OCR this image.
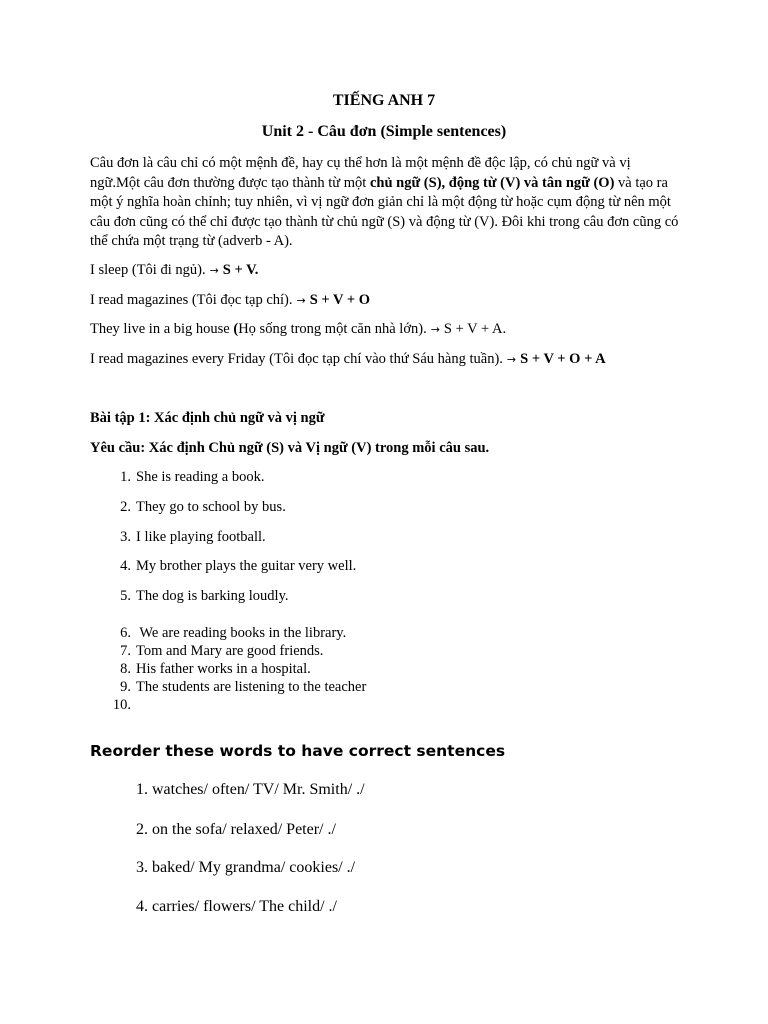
TIẾNG ANH 7
Unit 2 - Câu đơn (Simple sentences)

Câu đơn là câu chỉ có một mệnh đề, hay cụ thể hơn là một mệnh đề độc lập, có chủ ngữ và vị ngữ.Một câu đơn thường được tạo thành từ một chủ ngữ (S), động từ (V) và tân ngữ (O) và tạo ra một ý nghĩa hoàn chỉnh; tuy nhiên, vì vị ngữ đơn giản chỉ là một động từ hoặc cụm động từ nên một câu đơn cũng có thể chỉ được tạo thành từ chủ ngữ (S) và động từ (V). Đôi khi trong câu đơn cũng có thể chứa một trạng từ (adverb - A).

I sleep (Tôi đi ngủ). → S + V.

I read magazines (Tôi đọc tạp chí). → S + V + O

They live in a big house (Họ sống trong một căn nhà lớn). → S + V + A.

I read magazines every Friday (Tôi đọc tạp chí vào thứ Sáu hàng tuần). → S + V + O + A

Bài tập 1: Xác định chủ ngữ và vị ngữ

Yêu cầu: Xác định Chủ ngữ (S) và Vị ngữ (V) trong mỗi câu sau.

1. She is reading a book.
2. They go to school by bus.
3. I like playing football.
4. My brother plays the guitar very well.
5. The dog is barking loudly.
6. We are reading books in the library.
7. Tom and Mary are good friends.
8. His father works in a hospital.
9. The students are listening to the teacher
10.
Reorder these words to have correct sentences
1. watches/ often/ TV/ Mr. Smith/ ./
2. on the sofa/ relaxed/ Peter/ ./
3. baked/ My grandma/ cookies/ ./
4. carries/ flowers/ The child/ ./
